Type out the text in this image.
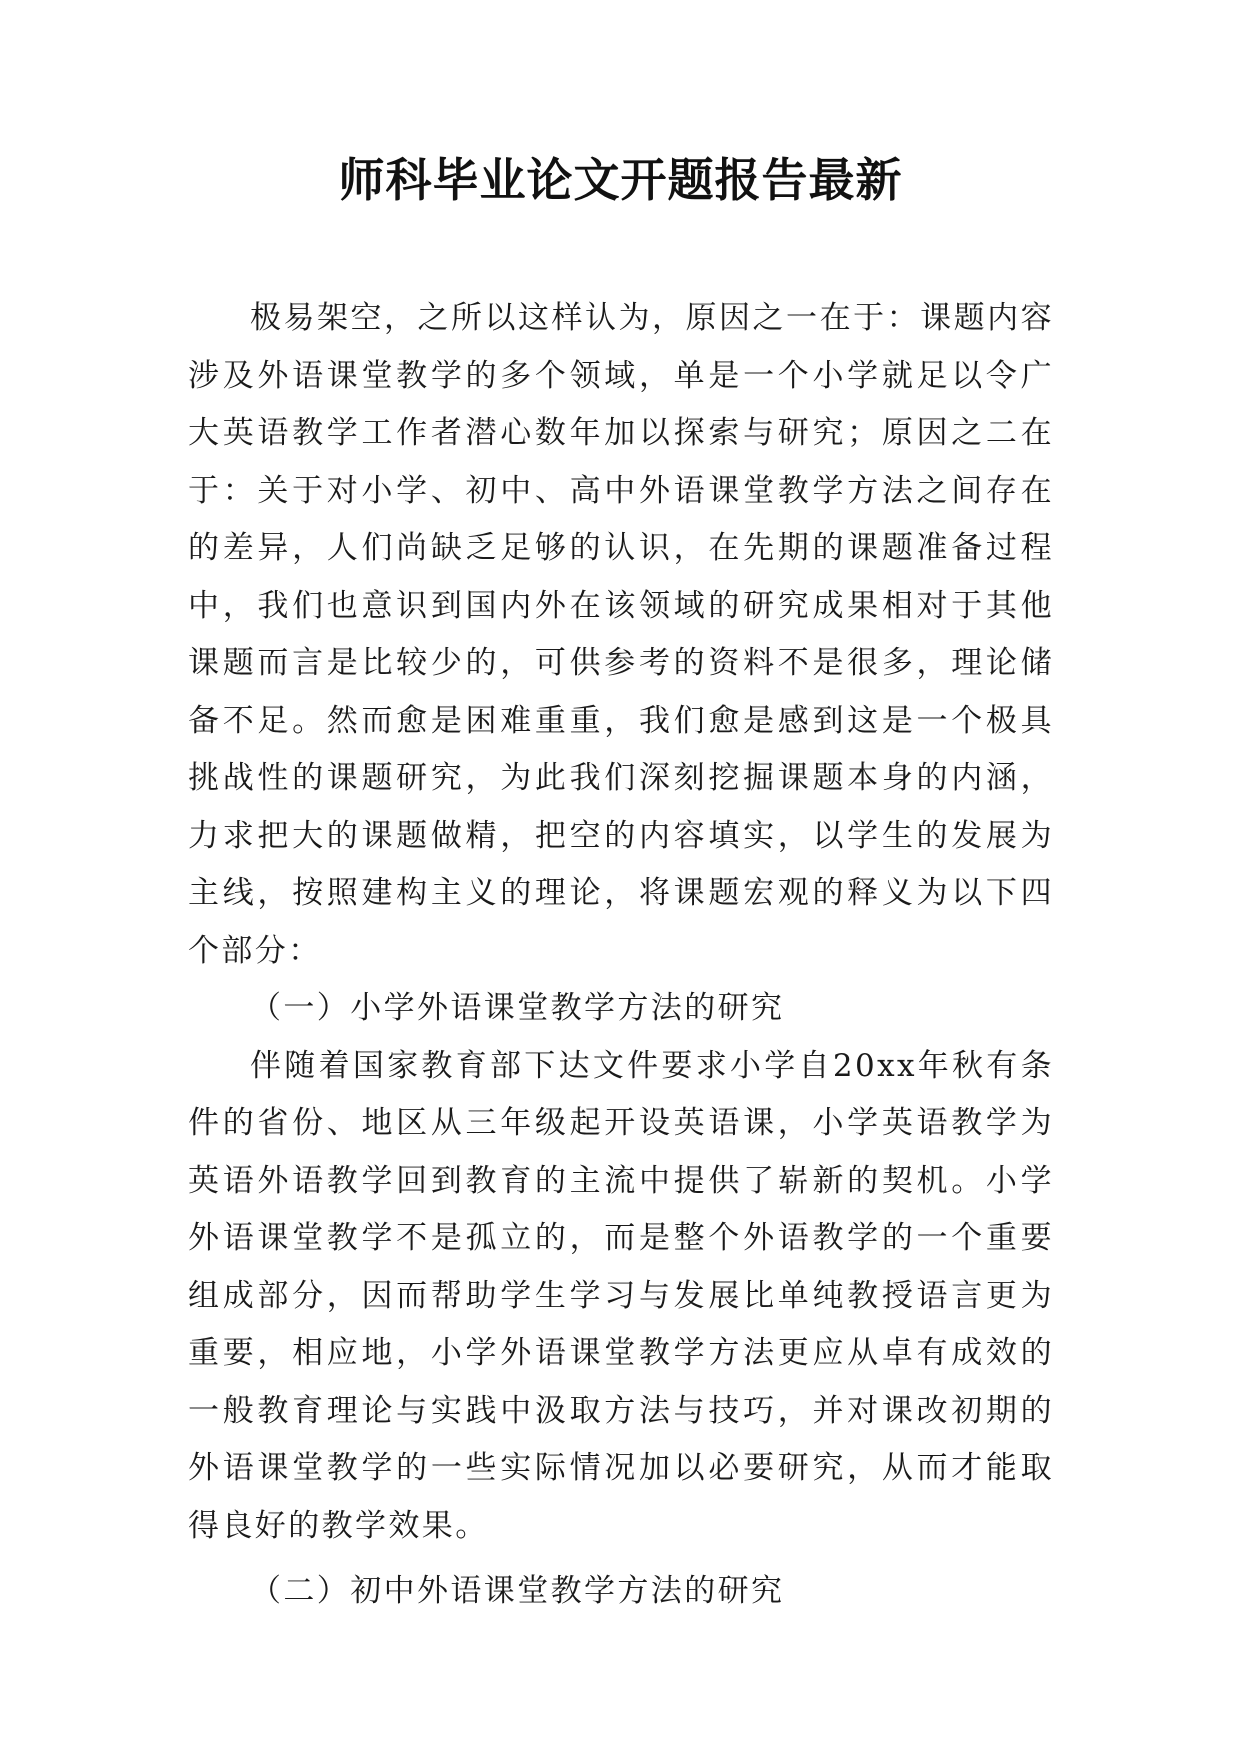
师科毕业论文开题报告最新

极易架空，之所以这样认为，原因之一在于：课题内容涉及外语课堂教学的多个领域，单是一个小学就足以令广大英语教学工作者潜心数年加以探索与研究；原因之二在于：关于对小学、初中、高中外语课堂教学方法之间存在的差异，人们尚缺乏足够的认识，在先期的课题准备过程中，我们也意识到国内外在该领域的研究成果相对于其他课题而言是比较少的，可供参考的资料不是很多，理论储备不足。然而愈是困难重重，我们愈是感到这是一个极具挑战性的课题研究，为此我们深刻挖掘课题本身的内涵，力求把大的课题做精，把空的内容填实，以学生的发展为主线，按照建构主义的理论，将课题宏观的释义为以下四个部分：

（一）小学外语课堂教学方法的研究

伴随着国家教育部下达文件要求小学自20xx年秋有条件的省份、地区从三年级起开设英语课，小学英语教学为英语外语教学回到教育的主流中提供了崭新的契机。小学外语课堂教学不是孤立的，而是整个外语教学的一个重要组成部分，因而帮助学生学习与发展比单纯教授语言更为重要，相应地，小学外语课堂教学方法更应从卓有成效的一般教育理论与实践中汲取方法与技巧，并对课改初期的外语课堂教学的一些实际情况加以必要研究，从而才能取得良好的教学效果。

（二）初中外语课堂教学方法的研究
